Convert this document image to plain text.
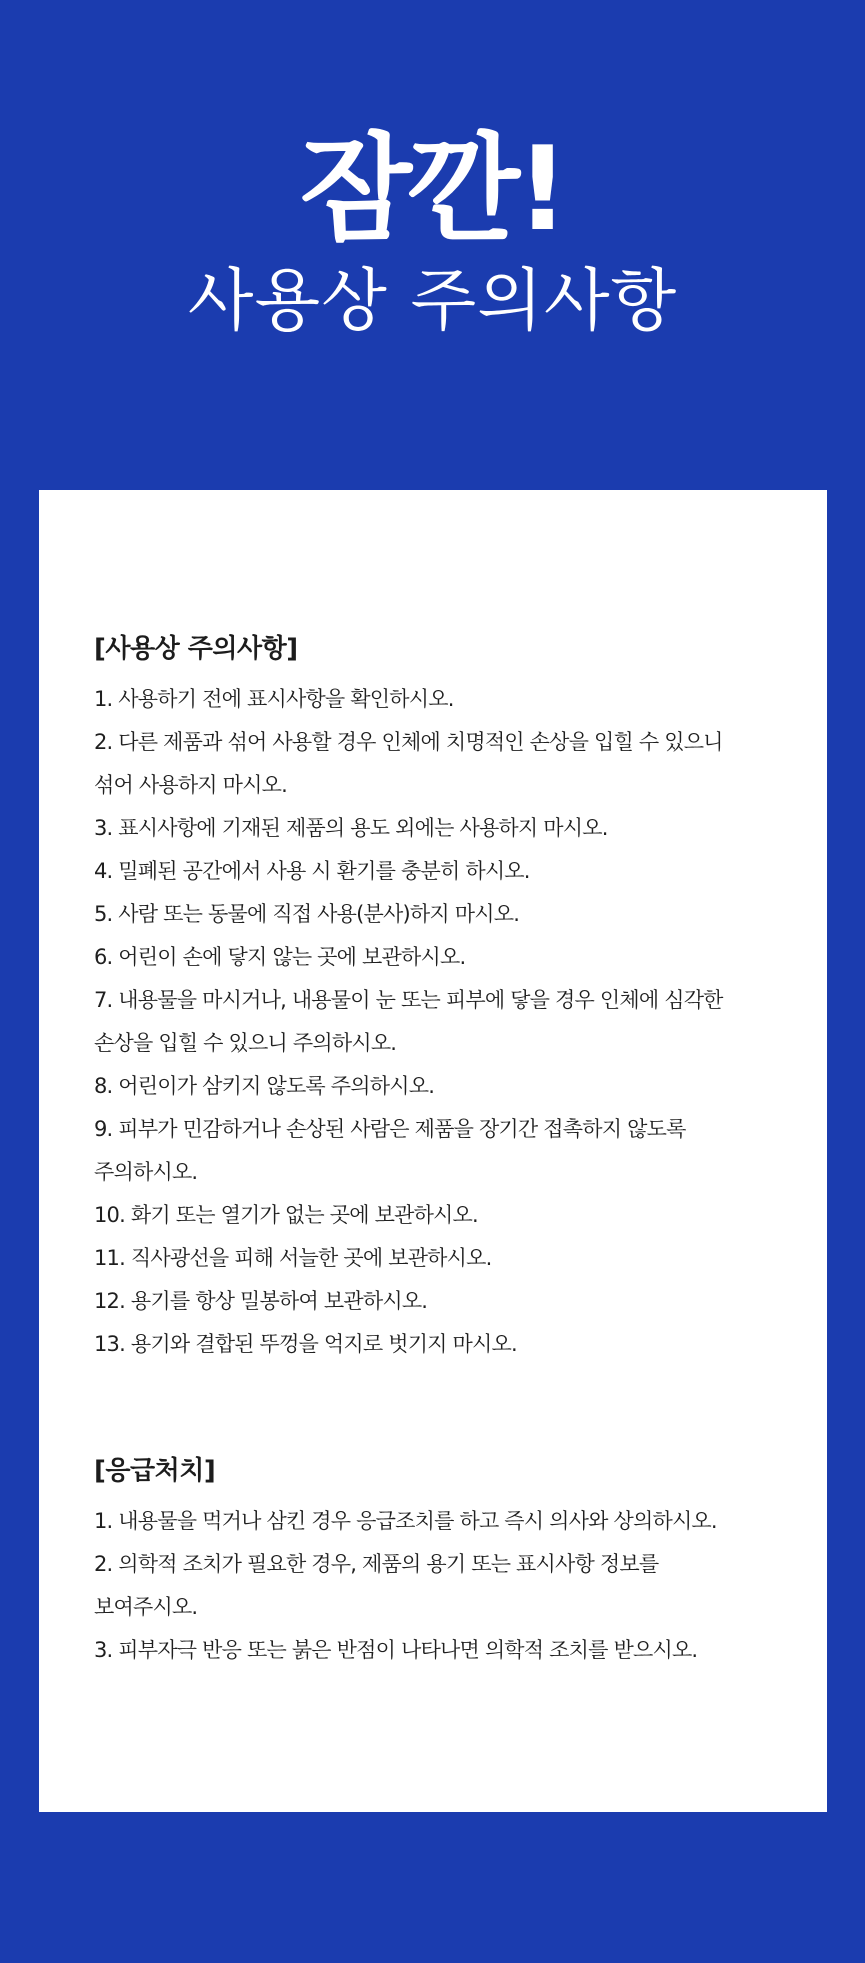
잠깐!
사용상 주의사항
[사용상 주의사항]
1. 사용하기 전에 표시사항을 확인하시오.
2. 다른 제품과 섞어 사용할 경우 인체에 치명적인 손상을 입힐 수 있으니
섞어 사용하지 마시오.
3. 표시사항에 기재된 제품의 용도 외에는 사용하지 마시오.
4. 밀폐된 공간에서 사용 시 환기를 충분히 하시오.
5. 사람 또는 동물에 직접 사용(분사)하지 마시오.
6. 어린이 손에 닿지 않는 곳에 보관하시오.
7. 내용물을 마시거나, 내용물이 눈 또는 피부에 닿을 경우 인체에 심각한
손상을 입힐 수 있으니 주의하시오.
8. 어린이가 삼키지 않도록 주의하시오.
9. 피부가 민감하거나 손상된 사람은 제품을 장기간 접촉하지 않도록
주의하시오.
10. 화기 또는 열기가 없는 곳에 보관하시오.
11. 직사광선을 피해 서늘한 곳에 보관하시오.
12. 용기를 항상 밀봉하여 보관하시오.
13. 용기와 결합된 뚜껑을 억지로 벗기지 마시오.
[응급처치]
1. 내용물을 먹거나 삼킨 경우 응급조치를 하고 즉시 의사와 상의하시오.
2. 의학적 조치가 필요한 경우, 제품의 용기 또는 표시사항 정보를
보여주시오.
3. 피부자극 반응 또는 붉은 반점이 나타나면 의학적 조치를 받으시오.
